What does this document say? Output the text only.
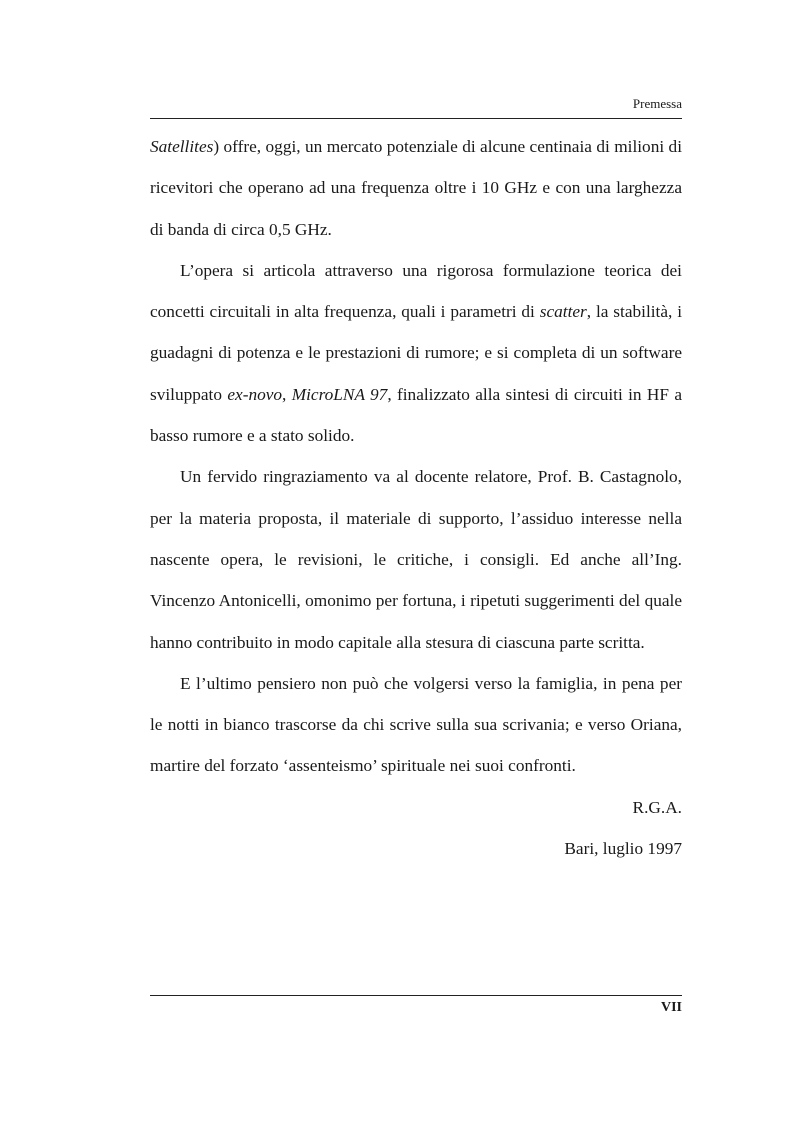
Premessa

Satellites) offre, oggi, un mercato potenziale di alcune centinaia di milioni di ricevitori che operano ad una frequenza oltre i 10 GHz e con una larghezza di banda di circa 0,5 GHz.

L’opera si articola attraverso una rigorosa formulazione teorica dei concetti circuitali in alta frequenza, quali i parametri di scatter, la stabilità, i guadagni di potenza e le prestazioni di rumore; e si completa di un software sviluppato ex-novo, MicroLNA 97, finalizzato alla sintesi di circuiti in HF a basso rumore e a stato solido.

Un fervido ringraziamento va al docente relatore, Prof. B. Castagnolo, per la materia proposta, il materiale di supporto, l’assiduo interesse nella nascente opera, le revisioni, le critiche, i consigli. Ed anche all’Ing. Vincenzo Antonicelli, omonimo per fortuna, i ripetuti suggerimenti del quale hanno contribuito in modo capitale alla stesura di ciascuna parte scritta.

E l’ultimo pensiero non può che volgersi verso la famiglia, in pena per le notti in bianco trascorse da chi scrive sulla sua scrivania; e verso Oriana, martire del forzato ‘assenteismo’ spirituale nei suoi confronti.

R.G.A.

Bari, luglio 1997

VII
